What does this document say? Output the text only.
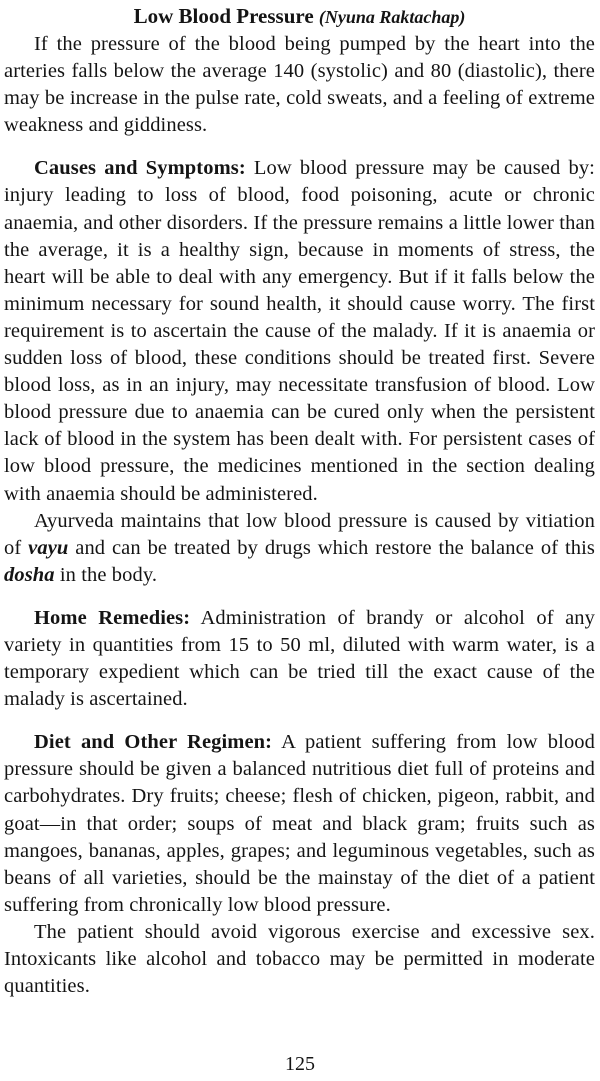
Low Blood Pressure (Nyuna Raktachap)

If the pressure of the blood being pumped by the heart into the arteries falls below the average 140 (systolic) and 80 (diastolic), there may be increase in the pulse rate, cold sweats, and a feeling of extreme weakness and giddiness.

Causes and Symptoms: Low blood pressure may be caused by: injury leading to loss of blood, food poisoning, acute or chronic anaemia, and other disorders. If the pressure remains a little lower than the average, it is a healthy sign, because in moments of stress, the heart will be able to deal with any emergency. But if it falls below the minimum necessary for sound health, it should cause worry. The first requirement is to ascertain the cause of the malady. If it is anaemia or sudden loss of blood, these conditions should be treated first. Severe blood loss, as in an injury, may necessitate transfusion of blood. Low blood pressure due to anaemia can be cured only when the persistent lack of blood in the system has been dealt with. For persistent cases of low blood pressure, the medicines mentioned in the section dealing with anaemia should be administered.

Ayurveda maintains that low blood pressure is caused by vitiation of vayu and can be treated by drugs which restore the balance of this dosha in the body.

Home Remedies: Administration of brandy or alcohol of any variety in quantities from 15 to 50 ml, diluted with warm water, is a temporary expedient which can be tried till the exact cause of the malady is ascertained.

Diet and Other Regimen: A patient suffering from low blood pressure should be given a balanced nutritious diet full of proteins and carbohydrates. Dry fruits; cheese; flesh of chicken, pigeon, rabbit, and goat—in that order; soups of meat and black gram; fruits such as mangoes, bananas, apples, grapes; and leguminous vegetables, such as beans of all varieties, should be the mainstay of the diet of a patient suffering from chronically low blood pressure.

The patient should avoid vigorous exercise and excessive sex. Intoxicants like alcohol and tobacco may be permitted in moderate quantities.

125
